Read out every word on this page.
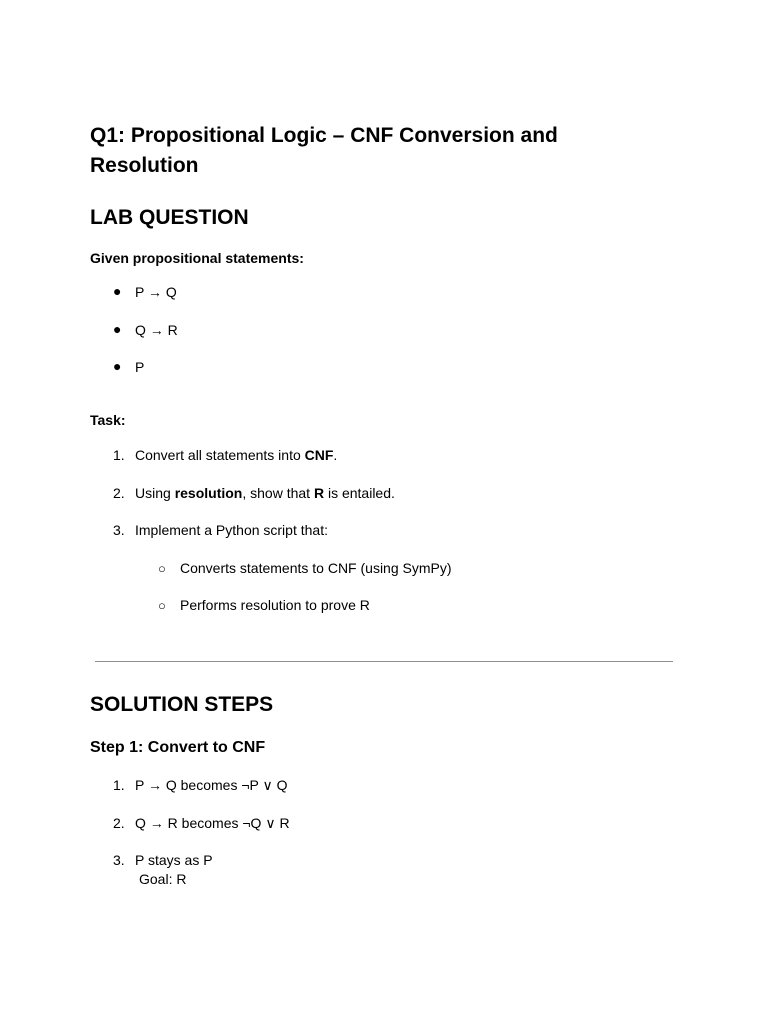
Q1: Propositional Logic – CNF Conversion and Resolution
LAB QUESTION
Given propositional statements:
● P → Q
● Q → R
● P
Task:
1. Convert all statements into CNF.
2. Using resolution, show that R is entailed.
3. Implement a Python script that:
○ Converts statements to CNF (using SymPy)
○ Performs resolution to prove R
SOLUTION STEPS
Step 1: Convert to CNF
1. P → Q becomes ¬P ∨ Q
2. Q → R becomes ¬Q ∨ R
3. P stays as P
Goal: R
